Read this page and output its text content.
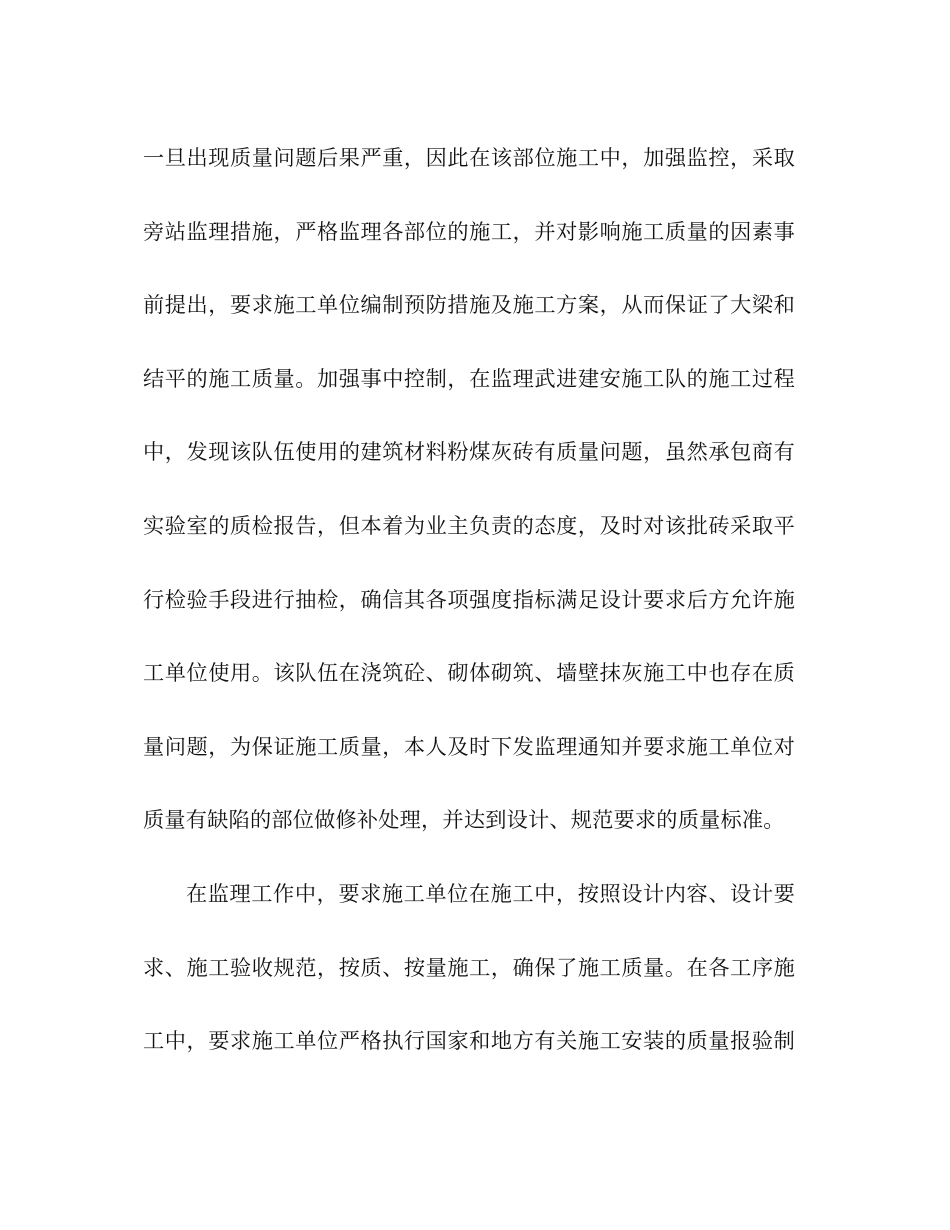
一旦出现质量问题后果严重，因此在该部位施工中，加强监控，采取
旁站监理措施，严格监理各部位的施工，并对影响施工质量的因素事
前提出，要求施工单位编制预防措施及施工方案，从而保证了大梁和
结平的施工质量。加强事中控制，在监理武进建安施工队的施工过程
中，发现该队伍使用的建筑材料粉煤灰砖有质量问题，虽然承包商有
实验室的质检报告，但本着为业主负责的态度，及时对该批砖采取平
行检验手段进行抽检，确信其各项强度指标满足设计要求后方允许施
工单位使用。该队伍在浇筑砼、砌体砌筑、墙壁抹灰施工中也存在质
量问题，为保证施工质量，本人及时下发监理通知并要求施工单位对
质量有缺陷的部位做修补处理，并达到设计、规范要求的质量标准。
在监理工作中，要求施工单位在施工中，按照设计内容、设计要
求、施工验收规范，按质、按量施工，确保了施工质量。在各工序施
工中，要求施工单位严格执行国家和地方有关施工安装的质量报验制
